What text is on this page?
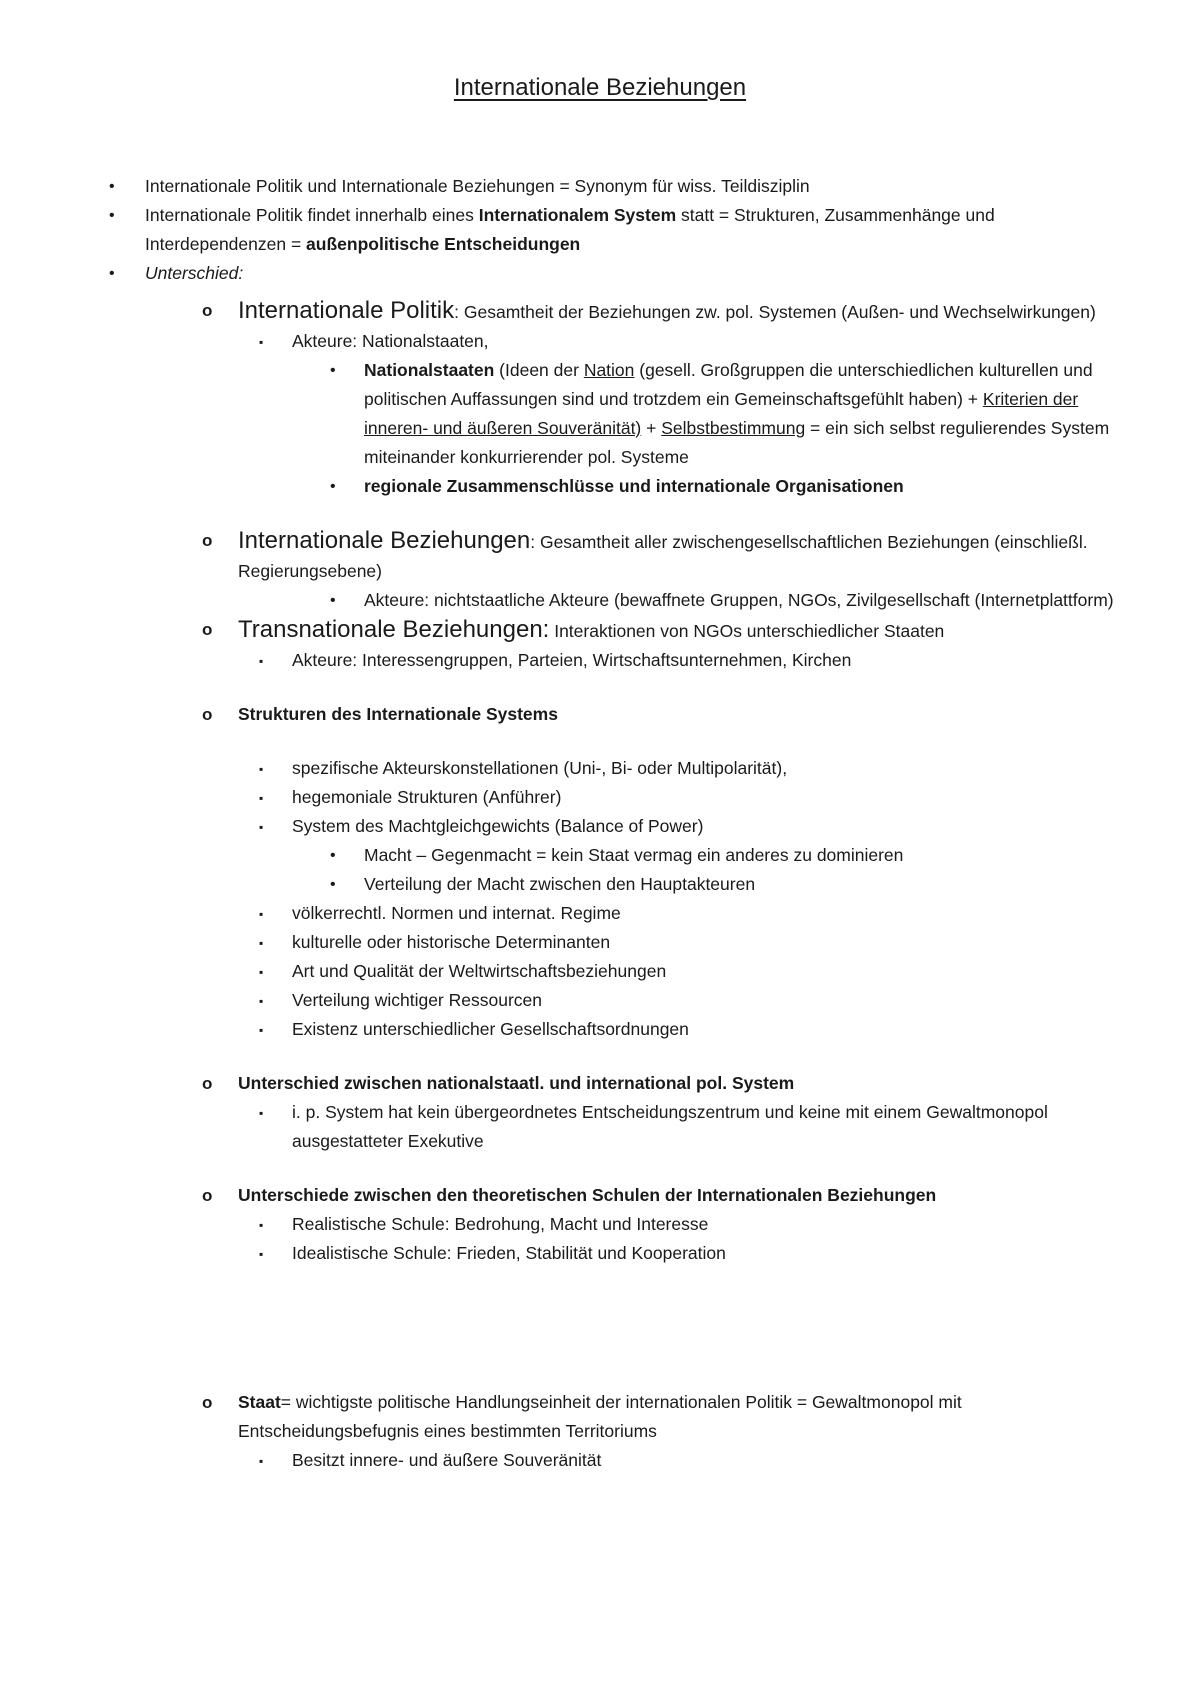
Internationale Beziehungen
•	Internationale Politik und Internationale Beziehungen = Synonym für wiss. Teildisziplin
•	Internationale Politik findet innerhalb eines Internationalem System statt = Strukturen, Zusammenhänge und Interdependenzen = außenpolitische Entscheidungen
•	Unterschied:
o	Internationale Politik: Gesamtheit der Beziehungen zw. pol. Systemen (Außen- und Wechselwirkungen)
▪	Akteure: Nationalstaaten,
•	Nationalstaaten (Ideen der Nation (gesell. Großgruppen die unterschiedlichen kulturellen und politischen Auffassungen sind und trotzdem ein Gemeinschaftsgefühlt haben) + Kriterien der inneren- und äußeren Souveränität) + Selbstbestimmung = ein sich selbst regulierendes System miteinander konkurrierender pol. Systeme
•	regionale Zusammenschlüsse und internationale Organisationen
o	Internationale Beziehungen: Gesamtheit aller zwischengesellschaftlichen Beziehungen (einschließl. Regierungsebene)
•	Akteure: nichtstaatliche Akteure (bewaffnete Gruppen, NGOs, Zivilgesellschaft (Internetplattform)
o	Transnationale Beziehungen: Interaktionen von NGOs unterschiedlicher Staaten
▪	Akteure: Interessengruppen, Parteien, Wirtschaftsunternehmen, Kirchen
o	Strukturen des Internationale Systems
▪	spezifische Akteurskonstellationen (Uni-, Bi- oder Multipolarität),
▪	hegemoniale Strukturen (Anführer)
▪	System des Machtgleichgewichts (Balance of Power)
•	Macht – Gegenmacht = kein Staat vermag ein anderes zu dominieren
•	Verteilung der Macht zwischen den Hauptakteuren
▪	völkerrechtl. Normen und internat. Regime
▪	kulturelle oder historische Determinanten
▪	Art und Qualität der Weltwirtschaftsbeziehungen
▪	Verteilung wichtiger Ressourcen
▪	Existenz unterschiedlicher Gesellschaftsordnungen
o	Unterschied zwischen nationalstaatl. und international pol. System
▪	i. p. System hat kein übergeordnetes Entscheidungszentrum und keine mit einem Gewaltmonopol ausgestatteter Exekutive
o	Unterschiede zwischen den theoretischen Schulen der Internationalen Beziehungen
▪	Realistische Schule: Bedrohung, Macht und Interesse
▪	Idealistische Schule: Frieden, Stabilität und Kooperation
o	Staat= wichtigste politische Handlungseinheit der internationalen Politik = Gewaltmonopol mit Entscheidungsbefugnis eines bestimmten Territoriums
▪	Besitzt innere- und äußere Souveränität
